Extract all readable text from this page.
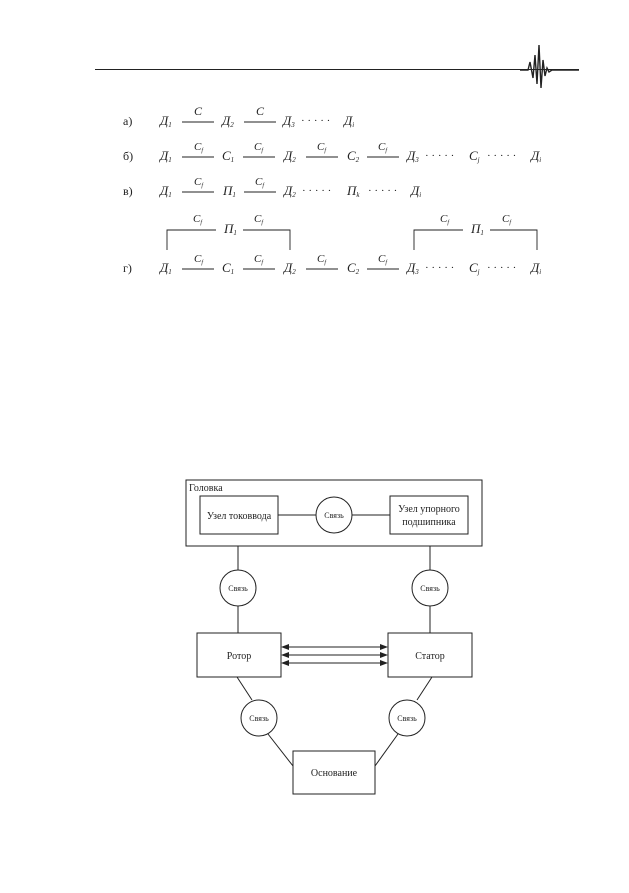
а) Д1
С
Д2
С
Д3 · · · · · Дi
б) Д1
Сf С1
Сf Д2
Сf С2
Сf Д3 · · · · · Сj · · · · · Дi
в) Д1
Сf П1
Сf Д2 · · · · · Пk · · · · · Дi
Сf П1
Сf	Сf П1
Сf
г) Д1
Сf С1
Сf Д2
Сf С2
Сf Д3 · · · · · Сj · · · · · Дi
Головка
Узел токоввода
Узел упорного
подшипника
Связь
Связь	Связь
Связь	Связь
Ротор	Статор
Основание
